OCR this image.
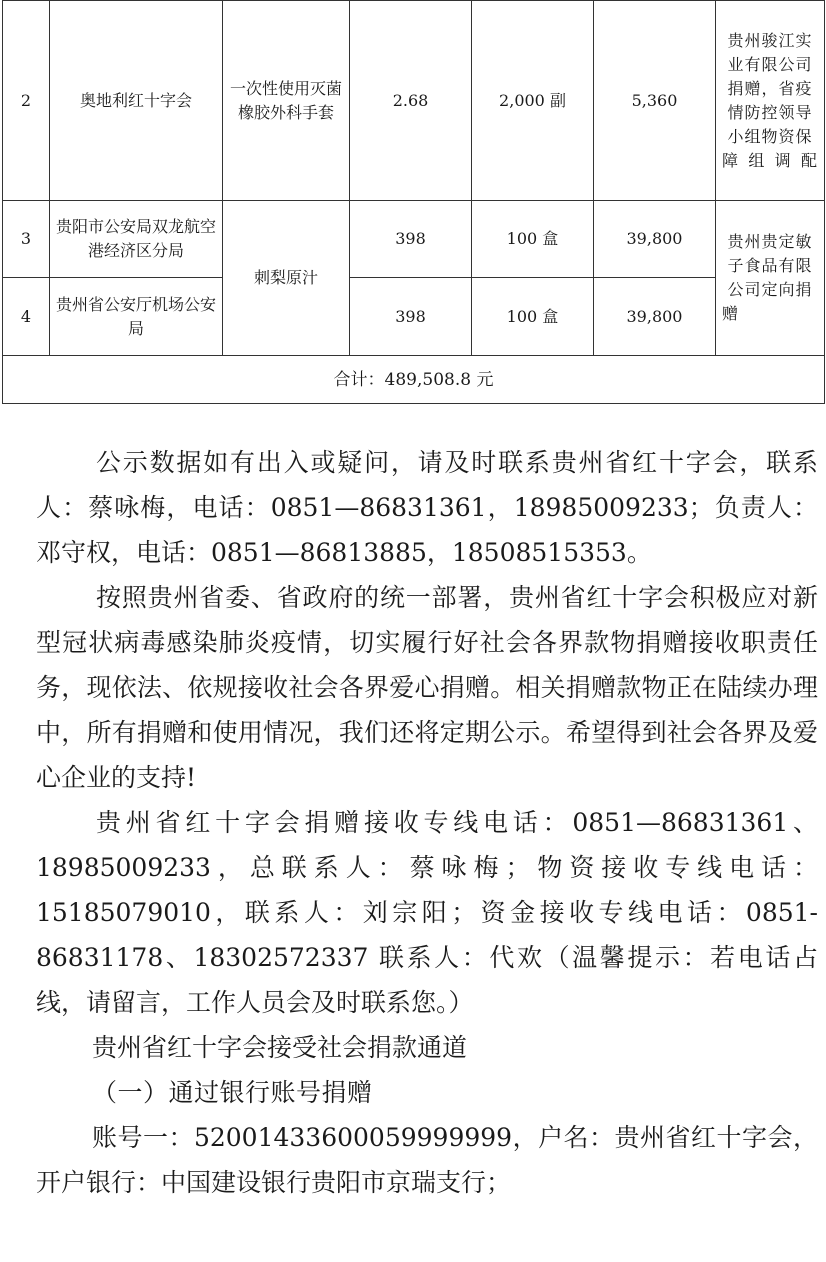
2	奥地利红十字会	一次性使用灭菌橡胶外科手套	2.68	2,000 副	5,360	贵州骏江实业有限公司捐赠，省疫情防控领导小组物资保障组调配
3	贵阳市公安局双龙航空港经济区分局	刺梨原汁	398	100 盒	39,800	贵州贵定敏子食品有限公司定向捐赠
4	贵州省公安厅机场公安局		398	100 盒	39,800	
合计：489,508.8 元						

公示数据如有出入或疑问，请及时联系贵州省红十字会，联系人：蔡咏梅，电话：0851—86831361，18985009233；负责人：邓守权，电话：0851—86813885，18508515353。

按照贵州省委、省政府的统一部署，贵州省红十字会积极应对新型冠状病毒感染肺炎疫情，切实履行好社会各界款物捐赠接收职责任务，现依法、依规接收社会各界爱心捐赠。相关捐赠款物正在陆续办理中，所有捐赠和使用情况，我们还将定期公示。希望得到社会各界及爱心企业的支持!

贵州省红十字会捐赠接收专线电话：0851—86831361、18985009233，总联系人：蔡咏梅；物资接收专线电话：15185079010，联系人：刘宗阳；资金接收专线电话：0851-86831178、18302572337 联系人：代欢（温馨提示：若电话占线，请留言，工作人员会及时联系您。）

贵州省红十字会接受社会捐款通道

（一）通过银行账号捐赠

账号一：52001433600059999999，户名：贵州省红十字会，开户银行：中国建设银行贵阳市京瑞支行；
